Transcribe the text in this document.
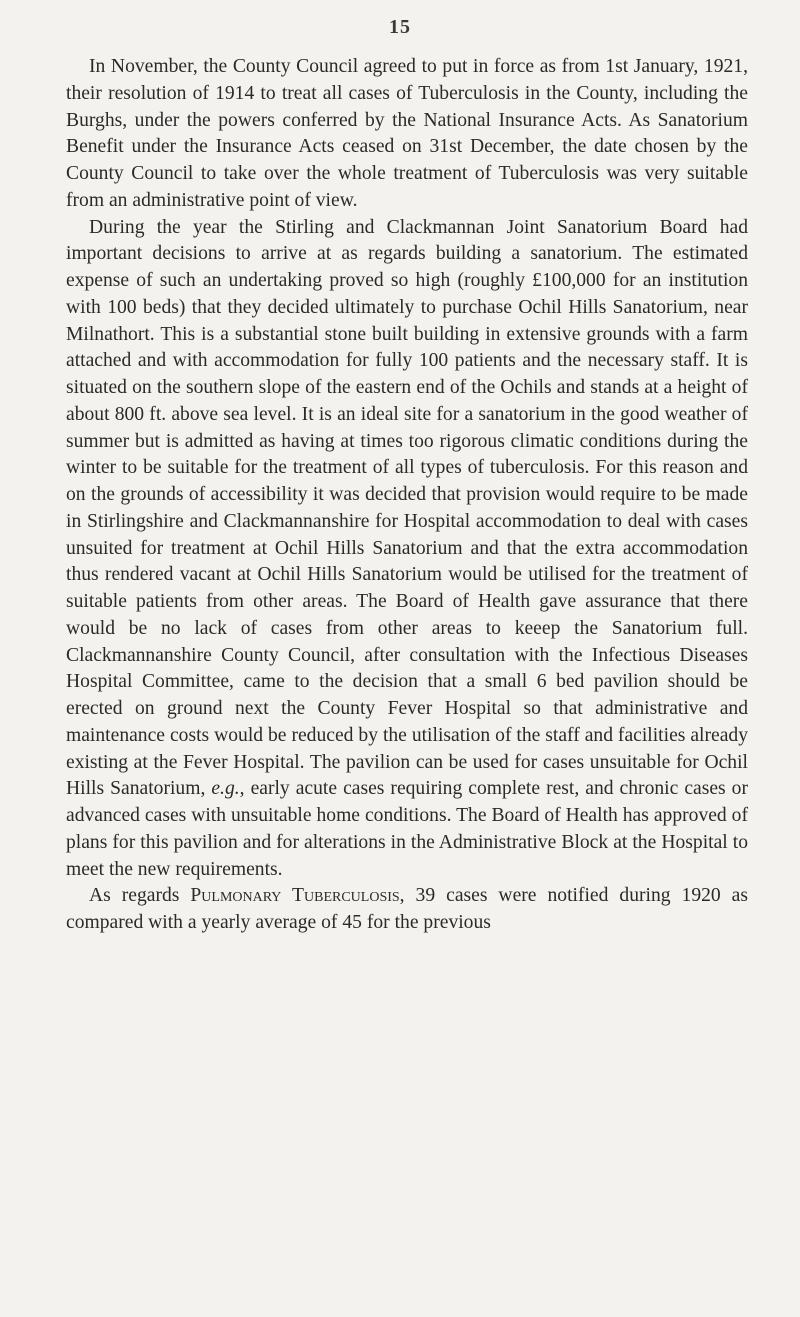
15

In November, the County Council agreed to put in force as from 1st January, 1921, their resolution of 1914 to treat all cases of Tuberculosis in the County, including the Burghs, under the powers conferred by the National Insurance Acts. As Sanatorium Benefit under the Insurance Acts ceased on 31st December, the date chosen by the County Council to take over the whole treatment of Tuberculosis was very suitable from an administrative point of view.

During the year the Stirling and Clackmannan Joint Sanatorium Board had important decisions to arrive at as regards building a sanatorium. The estimated expense of such an undertaking proved so high (roughly £100,000 for an institution with 100 beds) that they decided ultimately to purchase Ochil Hills Sanatorium, near Milnathort. This is a substantial stone built building in extensive grounds with a farm attached and with accommodation for fully 100 patients and the necessary staff. It is situated on the southern slope of the eastern end of the Ochils and stands at a height of about 800 ft. above sea level. It is an ideal site for a sanatorium in the good weather of summer but is admitted as having at times too rigorous climatic conditions during the winter to be suitable for the treatment of all types of tuberculosis. For this reason and on the grounds of accessibility it was decided that provision would require to be made in Stirlingshire and Clackmannanshire for Hospital accommodation to deal with cases unsuited for treatment at Ochil Hills Sanatorium and that the extra accommodation thus rendered vacant at Ochil Hills Sanatorium would be utilised for the treatment of suitable patients from other areas. The Board of Health gave assurance that there would be no lack of cases from other areas to keeep the Sanatorium full. Clackmannanshire County Council, after consultation with the Infectious Diseases Hospital Committee, came to the decision that a small 6 bed pavilion should be erected on ground next the County Fever Hospital so that administrative and maintenance costs would be reduced by the utilisation of the staff and facilities already existing at the Fever Hospital. The pavilion can be used for cases unsuitable for Ochil Hills Sanatorium, e.g., early acute cases requiring complete rest, and chronic cases or advanced cases with unsuitable home conditions. The Board of Health has approved of plans for this pavilion and for alterations in the Administrative Block at the Hospital to meet the new requirements.

As regards Pulmonary Tuberculosis, 39 cases were notified during 1920 as compared with a yearly average of 45 for the previous
